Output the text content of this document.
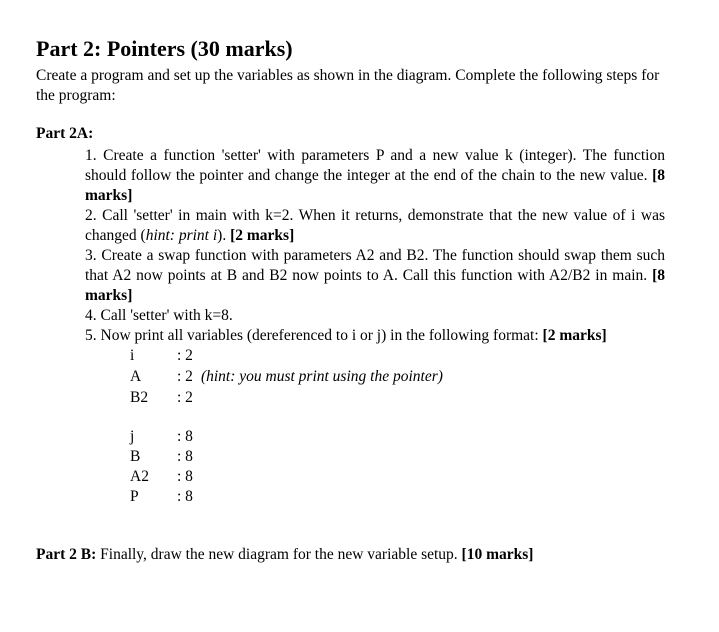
Part 2: Pointers (30 marks)
Create a program and set up the variables as shown in the diagram. Complete the following steps for the program:
Part 2A:

1. Create a function 'setter' with parameters P and a new value k (integer). The function should follow the pointer and change the integer at the end of the chain to the new value. [8 marks]

2. Call 'setter' in main with k=2. When it returns, demonstrate that the new value of i was changed (hint: print i). [2 marks]

3. Create a swap function with parameters A2 and B2. The function should swap them such that A2 now points at B and B2 now points to A. Call this function with A2/B2 in main. [8 marks]

4. Call 'setter' with k=8.

5. Now print all variables (dereferenced to i or j) in the following format: [2 marks]

i	: 2
A	: 2 (hint: you must print using the pointer)
B2	: 2
j	: 8
B	: 8
A2	: 8
P	: 8
Part 2 B: Finally, draw the new diagram for the new variable setup. [10 marks]
